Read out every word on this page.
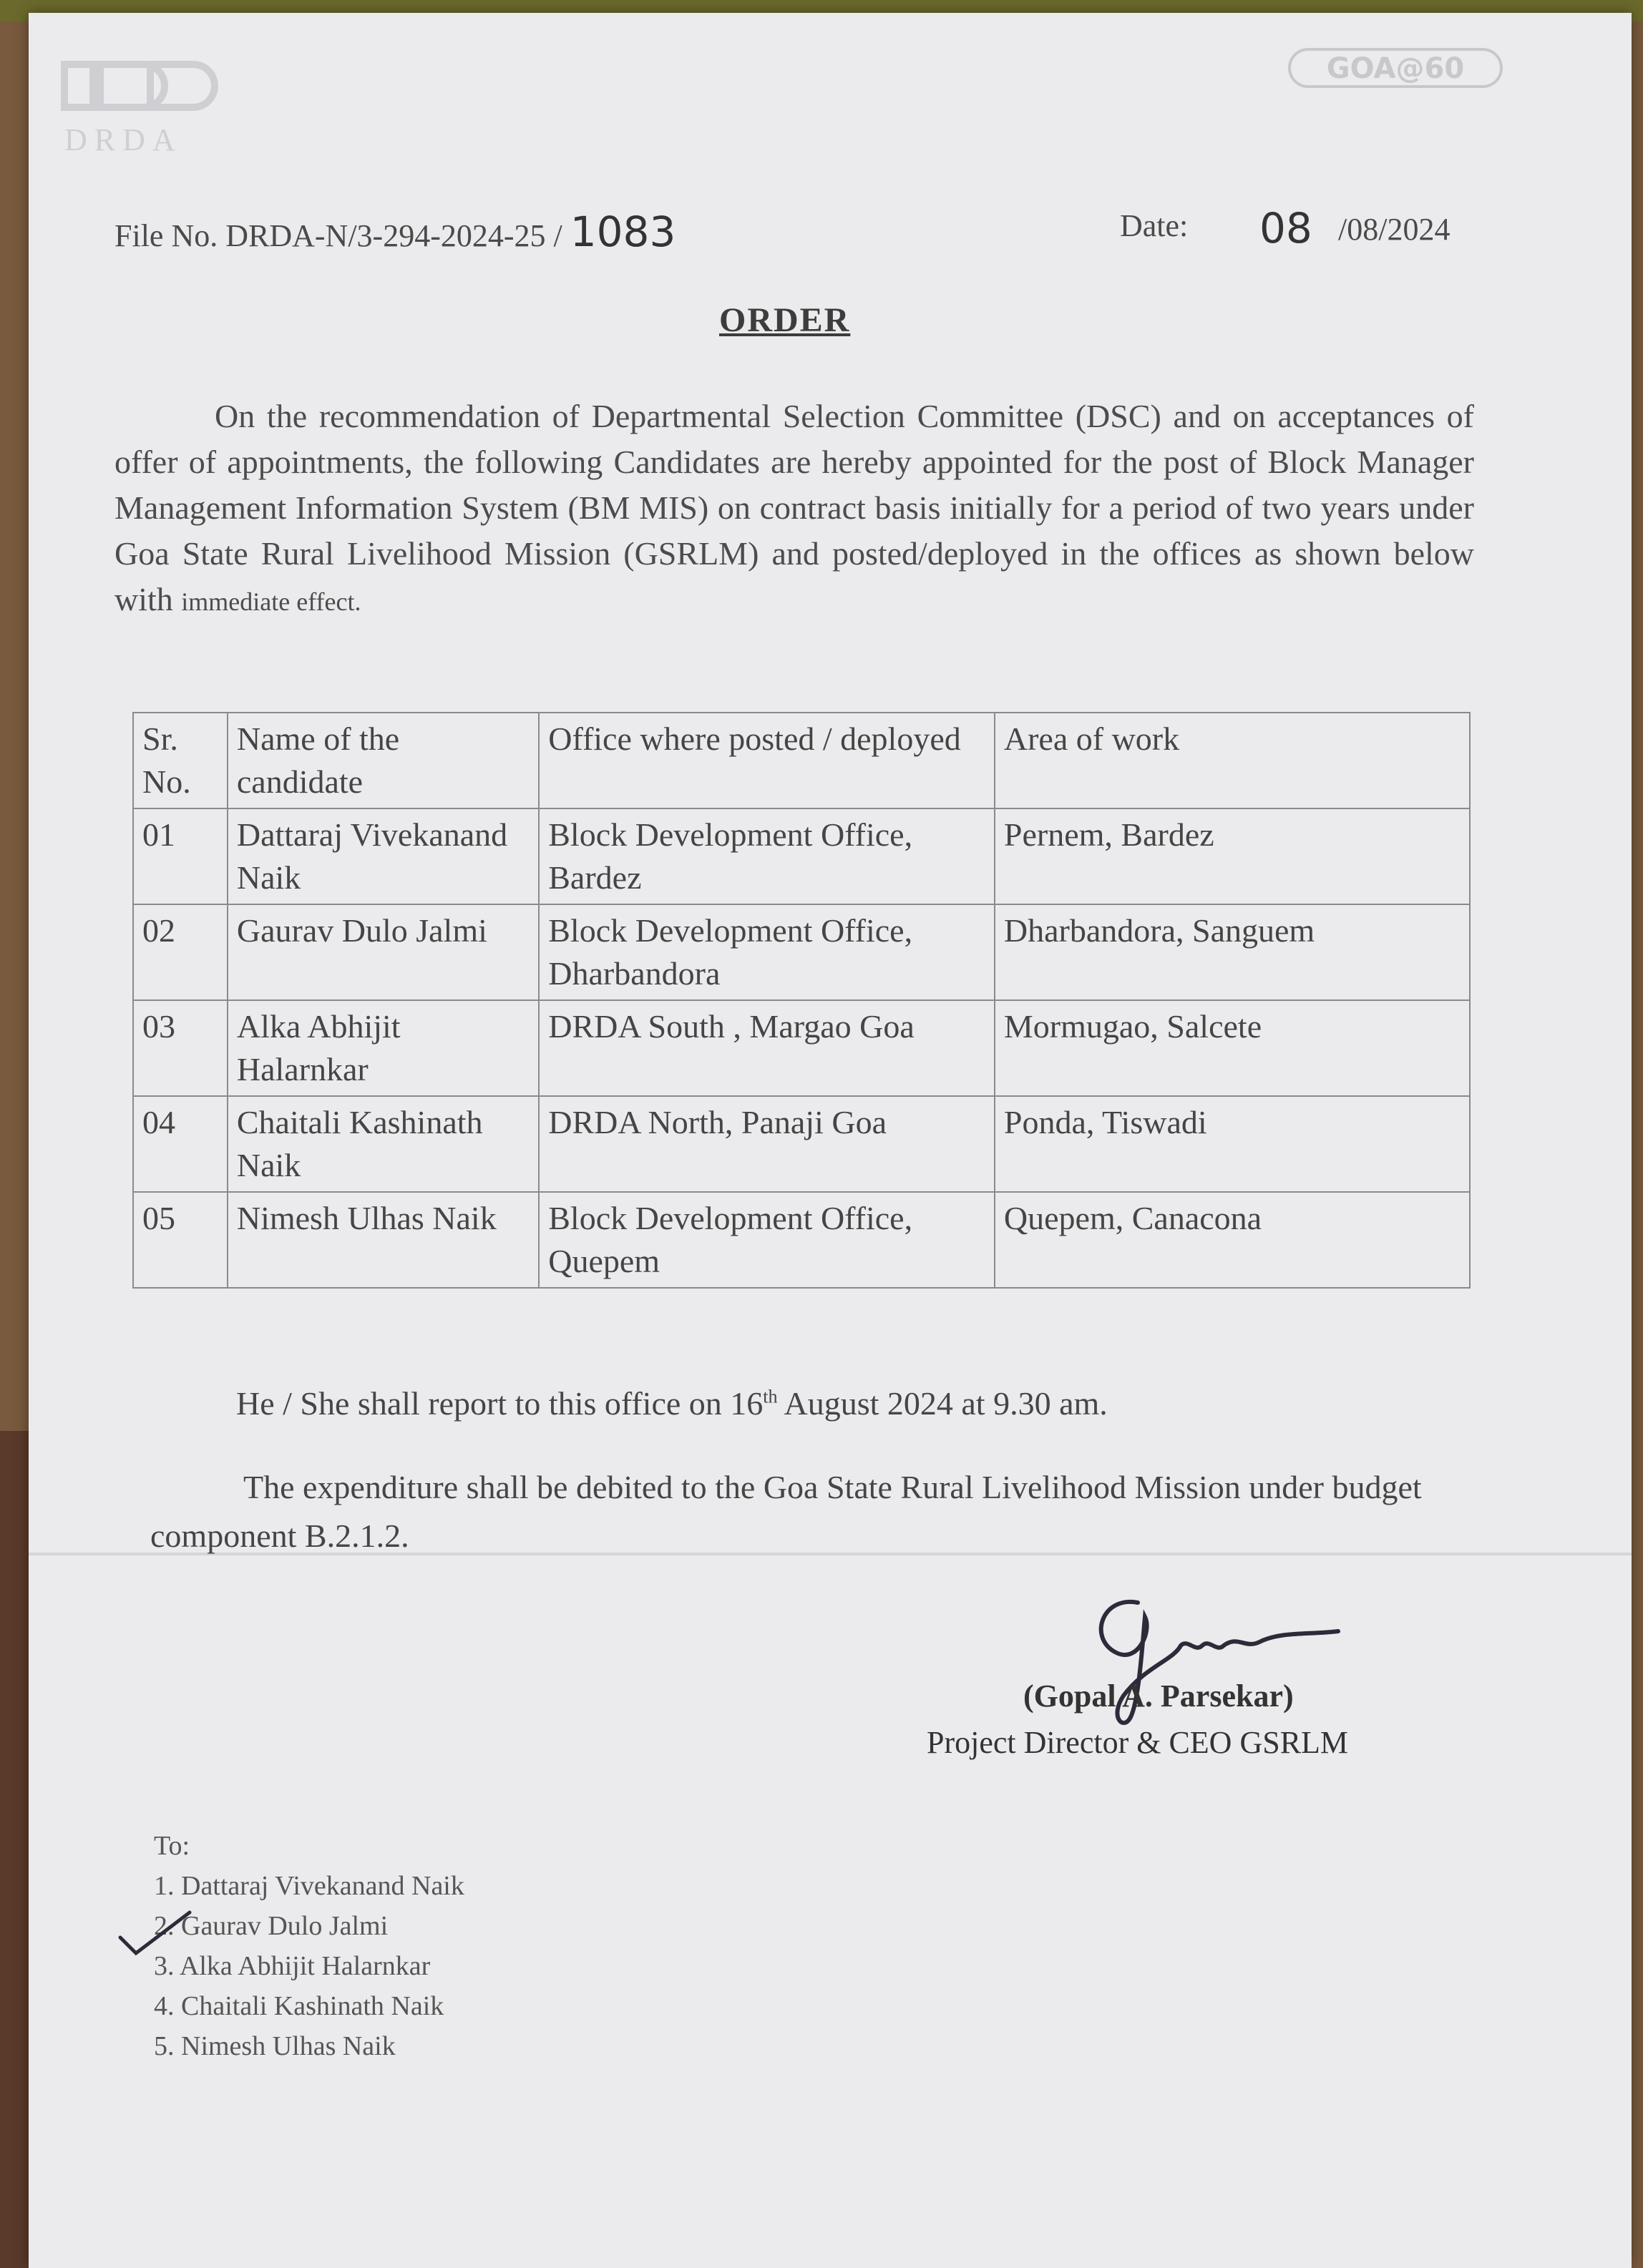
DRDA
GOA@60
File No. DRDA-N/3-294-2024-25 / 1083	Date: 08 /08/2024
ORDER
On the recommendation of Departmental Selection Committee (DSC) and on acceptances of offer of appointments, the following Candidates are hereby appointed for the post of Block Manager Management Information System (BM MIS) on contract basis initially for a period of two years under Goa State Rural Livelihood Mission (GSRLM) and posted/deployed in the offices as shown below with immediate effect.
Sr. No.	Name of the candidate	Office where posted / deployed	Area of work
01	Dattaraj Vivekanand Naik	Block Development Office, Bardez	Pernem, Bardez
02	Gaurav Dulo Jalmi	Block Development Office, Dharbandora	Dharbandora, Sanguem
03	Alka Abhijit Halarnkar	DRDA South , Margao Goa	Mormugao, Salcete
04	Chaitali Kashinath Naik	DRDA North, Panaji Goa	Ponda, Tiswadi
05	Nimesh Ulhas Naik	Block Development Office, Quepem	Quepem, Canacona
He / She shall report to this office on 16th August 2024 at 9.30 am.
The expenditure shall be debited to the Goa State Rural Livelihood Mission under budget component B.2.1.2.
(Gopal A. Parsekar)
Project Director & CEO GSRLM
To:
1. Dattaraj Vivekanand Naik
2. Gaurav Dulo Jalmi
3. Alka Abhijit Halarnkar
4. Chaitali Kashinath Naik
5. Nimesh Ulhas Naik
